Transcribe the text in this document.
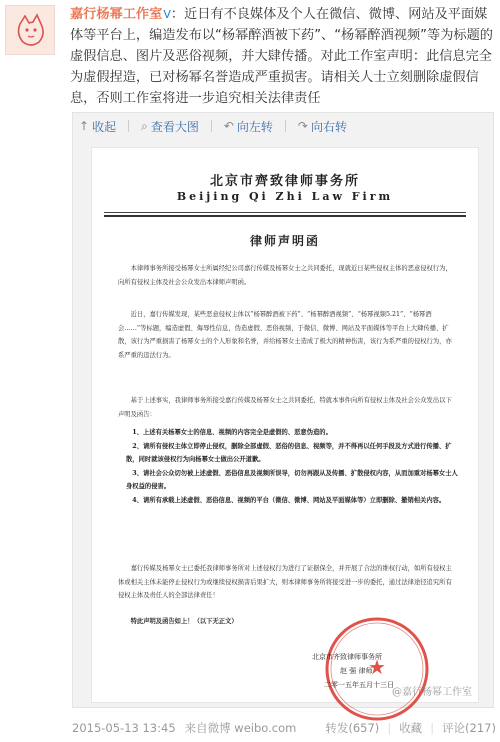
嘉行杨幂工作室V：近日有不良媒体及个人在微信、微博、网站及平面媒体等平台上，编造发布以“杨幂醉酒被下药”、“杨幂醉酒视频”等为标题的虚假信息、图片及恶俗视频，并大肆传播。对此工作室声明：此信息完全为虚假捏造，已对杨幂名誉造成严重损害。请相关人士立刻删除虚假信息，否则工作室将进一步追究相关法律责任
↑ 收起 ⌕ 查看大图 ↶ 向左转 ↷ 向右转
北京市齊致律师事务所
Beijing Qi Zhi Law Firm
律师声明函
本律师事务所接受杨幂女士所属经纪公司嘉行传媒及杨幂女士之共同委托，现就近日某些侵权主体的恶意侵权行为，向所有侵权主体及社会公众发出本律师声明函。
近日，嘉行传媒发现，某些恶意侵权主体以“杨幂醉酒被下药”、“杨幂醉酒视频”、“杨幂视频5.21”、“杨幂酒会……”等标题，编造虚假、侮辱性信息，伪造虚假、恶俗视频，于微信、微博、网站及平面媒体等平台上大肆传播、扩散，该行为严重损害了杨幂女士的个人形象和名誉，并给杨幂女士造成了极大的精神伤害，该行为系严重的侵权行为，亦系严重的违法行为。
基于上述事实，我律师事务所接受嘉行传媒及杨幂女士之共同委托，特就本事件向所有侵权主体及社会公众发出以下声明及函告：
1、上述有关杨幂女士的信息、视频的内容完全是虚假的、恶意伪造的。
2、请所有侵权主体立即停止侵权，删除全部虚假、恶俗的信息、视频等，并不得再以任何手段及方式进行传播、扩散，同时就该侵权行为向杨幂女士做出公开道歉。
3、请社会公众切勿被上述虚假、恶俗信息及视频所误导，切勿再跟从及传播、扩散侵权内容，从而加重对杨幂女士人身权益的侵害。
4、请所有承载上述虚假、恶俗信息、视频的平台（微信、微博、网站及平面媒体等）立即删除、撤销相关内容。
嘉行传媒及杨幂女士已委托我律师事务所对上述侵权行为进行了证据保全，并开展了合法的维权行动，如所有侵权主体或相关主体未能停止侵权行为或继续侵权损害后果扩大，则本律师事务所将接受进一步的委托，通过法律途径追究所有侵权主体及责任人的全部法律责任！
特此声明及函告如上！（以下无正文）
★
北京市齐致律师事务所
赵 强 律师
二零一五年五月十三日
@嘉行杨幂工作室
2015-05-13 13:45 来自微博 weibo.com	转发(657) | 收藏 | 评论(217)
